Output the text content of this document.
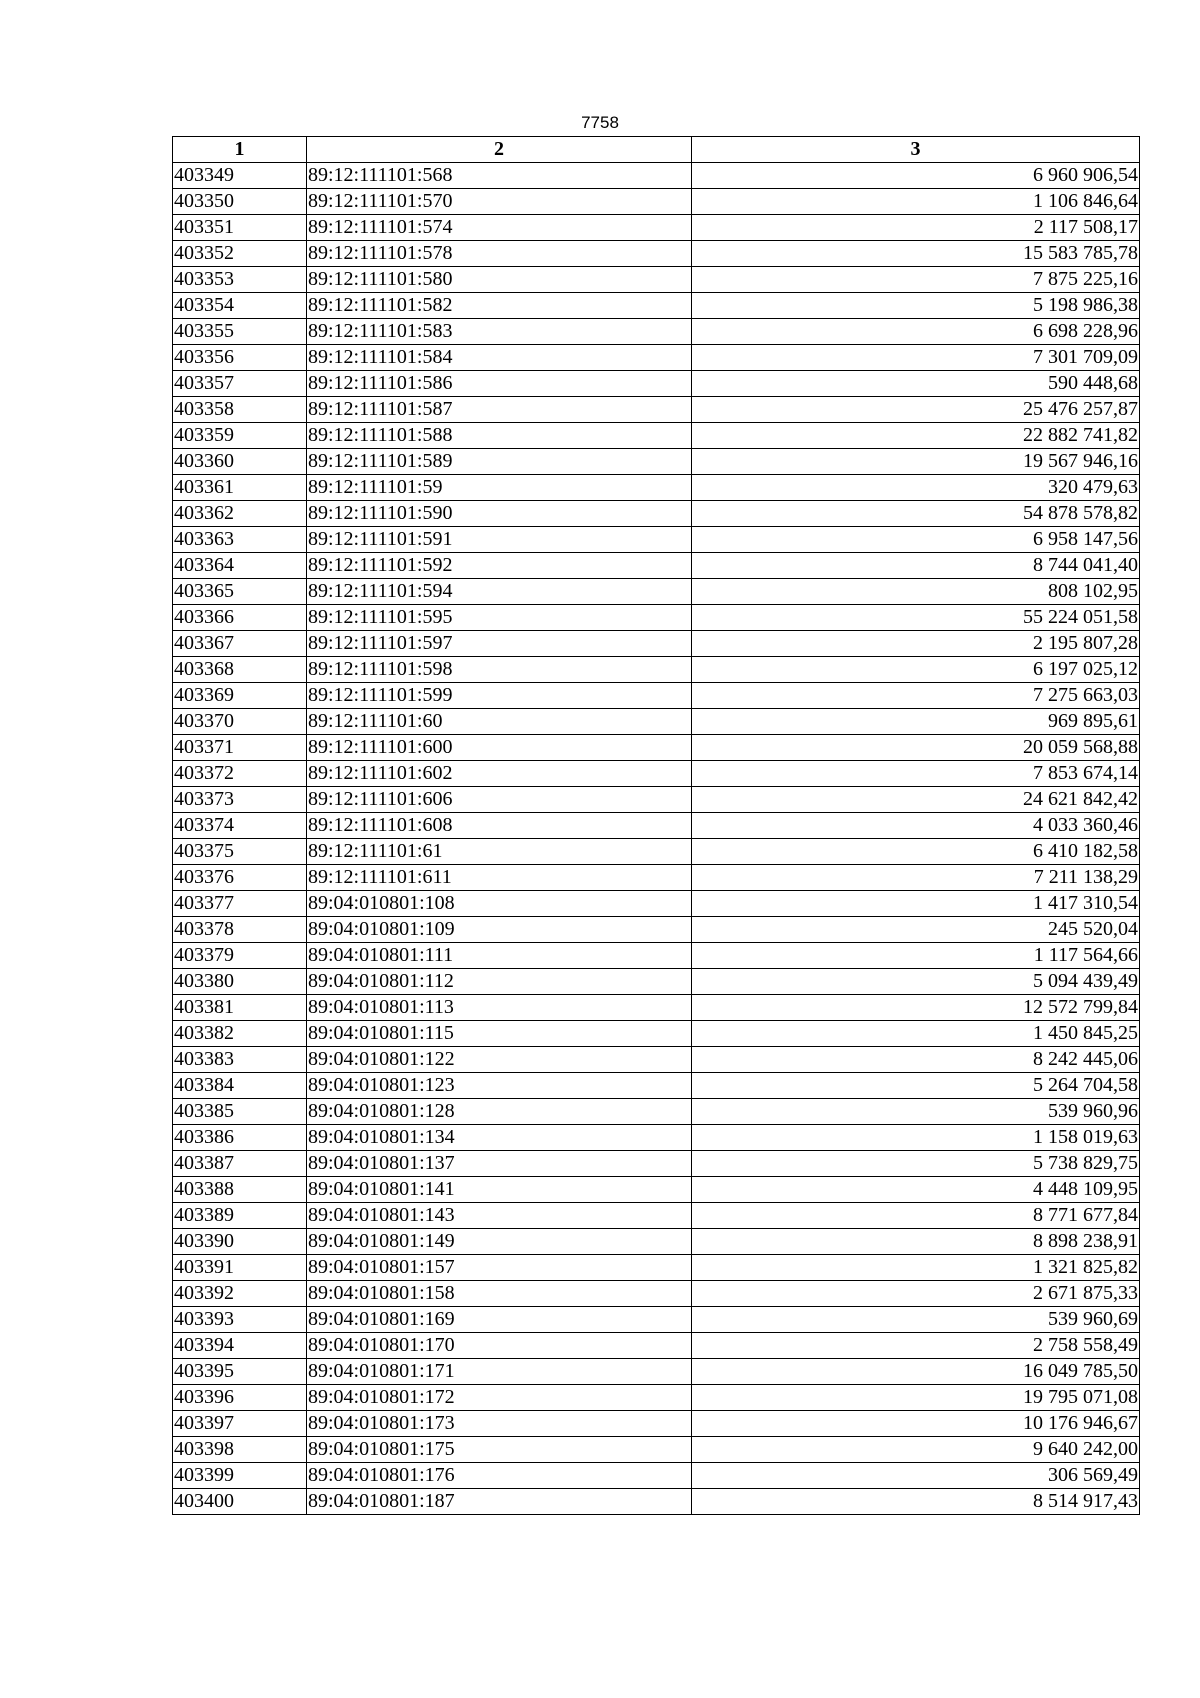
7758
1	2	3
403349	89:12:111101:568	6 960 906,54
403350	89:12:111101:570	1 106 846,64
403351	89:12:111101:574	2 117 508,17
403352	89:12:111101:578	15 583 785,78
403353	89:12:111101:580	7 875 225,16
403354	89:12:111101:582	5 198 986,38
403355	89:12:111101:583	6 698 228,96
403356	89:12:111101:584	7 301 709,09
403357	89:12:111101:586	590 448,68
403358	89:12:111101:587	25 476 257,87
403359	89:12:111101:588	22 882 741,82
403360	89:12:111101:589	19 567 946,16
403361	89:12:111101:59	320 479,63
403362	89:12:111101:590	54 878 578,82
403363	89:12:111101:591	6 958 147,56
403364	89:12:111101:592	8 744 041,40
403365	89:12:111101:594	808 102,95
403366	89:12:111101:595	55 224 051,58
403367	89:12:111101:597	2 195 807,28
403368	89:12:111101:598	6 197 025,12
403369	89:12:111101:599	7 275 663,03
403370	89:12:111101:60	969 895,61
403371	89:12:111101:600	20 059 568,88
403372	89:12:111101:602	7 853 674,14
403373	89:12:111101:606	24 621 842,42
403374	89:12:111101:608	4 033 360,46
403375	89:12:111101:61	6 410 182,58
403376	89:12:111101:611	7 211 138,29
403377	89:04:010801:108	1 417 310,54
403378	89:04:010801:109	245 520,04
403379	89:04:010801:111	1 117 564,66
403380	89:04:010801:112	5 094 439,49
403381	89:04:010801:113	12 572 799,84
403382	89:04:010801:115	1 450 845,25
403383	89:04:010801:122	8 242 445,06
403384	89:04:010801:123	5 264 704,58
403385	89:04:010801:128	539 960,96
403386	89:04:010801:134	1 158 019,63
403387	89:04:010801:137	5 738 829,75
403388	89:04:010801:141	4 448 109,95
403389	89:04:010801:143	8 771 677,84
403390	89:04:010801:149	8 898 238,91
403391	89:04:010801:157	1 321 825,82
403392	89:04:010801:158	2 671 875,33
403393	89:04:010801:169	539 960,69
403394	89:04:010801:170	2 758 558,49
403395	89:04:010801:171	16 049 785,50
403396	89:04:010801:172	19 795 071,08
403397	89:04:010801:173	10 176 946,67
403398	89:04:010801:175	9 640 242,00
403399	89:04:010801:176	306 569,49
403400	89:04:010801:187	8 514 917,43
